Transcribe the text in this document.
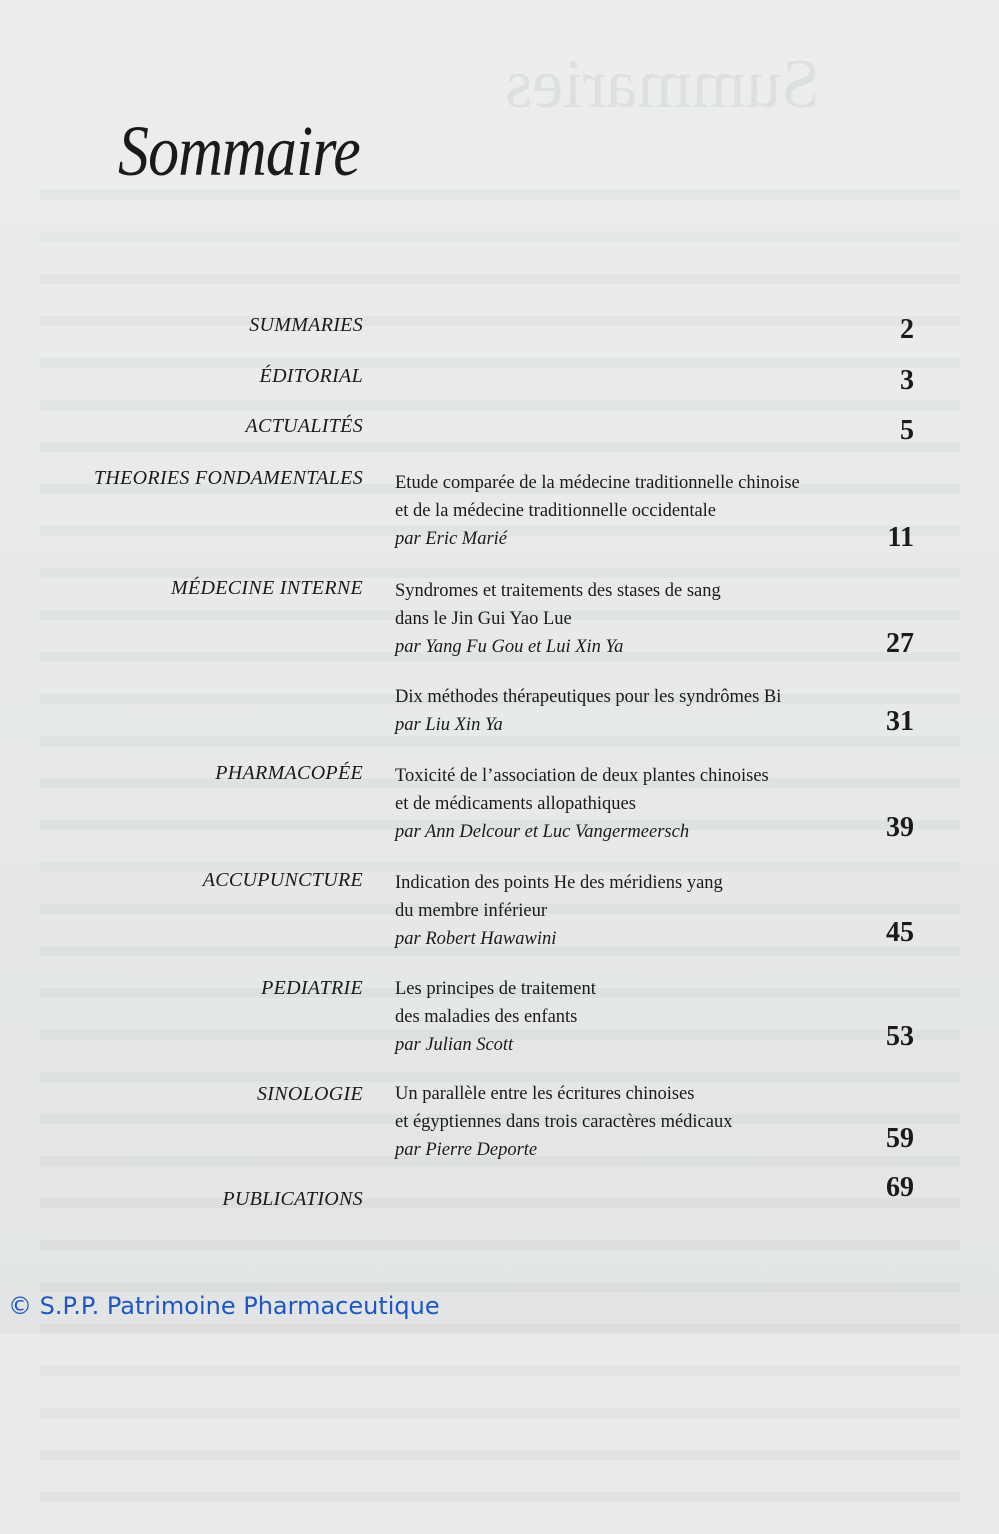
Summaries
Sommaire
SUMMARIES	2
ÉDITORIAL	3
ACTUALITÉS	5
THEORIES FONDAMENTALES Etude comparée de la médecine traditionnelle chinoise
et de la médecine traditionnelle occidentale
par Eric Marié	11
MÉDECINE INTERNE Syndromes et traitements des stases de sang
dans le Jin Gui Yao Lue
par Yang Fu Gou et Lui Xin Ya	27
Dix méthodes thérapeutiques pour les syndrômes Bi
par Liu Xin Ya	31
PHARMACOPÉE Toxicité de l’association de deux plantes chinoises
et de médicaments allopathiques
par Ann Delcour et Luc Vangermeersch	39
ACCUPUNCTURE Indication des points He des méridiens yang
du membre inférieur
par Robert Hawawini	45
PEDIATRIE Les principes de traitement
des maladies des enfants
par Julian Scott	53
SINOLOGIE Un parallèle entre les écritures chinoises
et égyptiennes dans trois caractères médicaux
par Pierre Deporte	59
PUBLICATIONS	69
© S.P.P. Patrimoine Pharmaceutique
